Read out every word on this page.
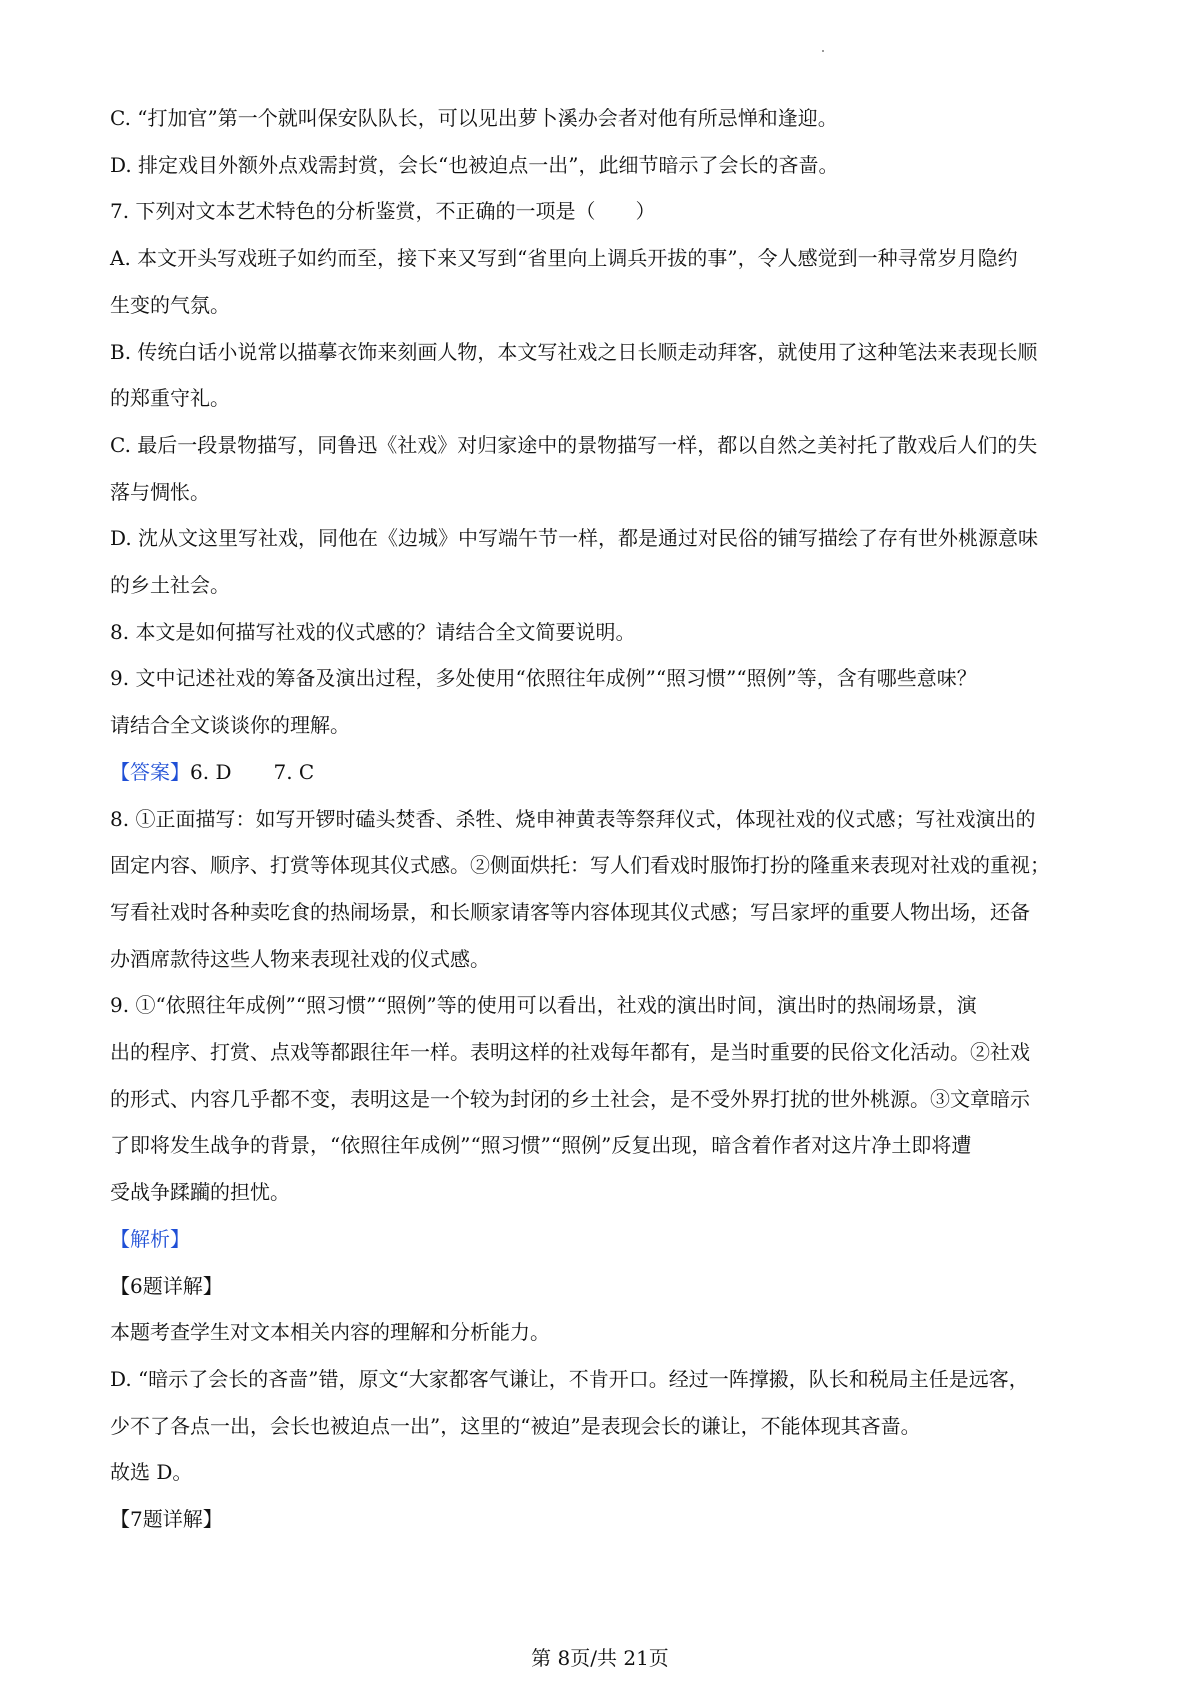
C. “打加官”第一个就叫保安队队长，可以见出萝卜溪办会者对他有所忌惮和逢迎。

D. 排定戏目外额外点戏需封赏，会长“也被迫点一出”，此细节暗示了会长的吝啬。

7. 下列对文本艺术特色的分析鉴赏，不正确的一项是（　　）

A. 本文开头写戏班子如约而至，接下来又写到“省里向上调兵开拔的事”，令人感觉到一种寻常岁月隐约

生变的气氛。

B. 传统白话小说常以描摹衣饰来刻画人物，本文写社戏之日长顺走动拜客，就使用了这种笔法来表现长顺

的郑重守礼。

C. 最后一段景物描写，同鲁迅《社戏》对归家途中的景物描写一样，都以自然之美衬托了散戏后人们的失

落与惆怅。

D. 沈从文这里写社戏，同他在《边城》中写端午节一样，都是通过对民俗的铺写描绘了存有世外桃源意味

的乡土社会。

8. 本文是如何描写社戏的仪式感的？请结合全文简要说明。

9. 文中记述社戏的筹备及演出过程，多处使用“依照往年成例”“照习惯”“照例”等，含有哪些意味？

请结合全文谈谈你的理解。

【答案】6. D 7. C

8. ①正面描写：如写开锣时磕头焚香、杀牲、烧申神黄表等祭拜仪式，体现社戏的仪式感；写社戏演出的

固定内容、顺序、打赏等体现其仪式感。②侧面烘托：写人们看戏时服饰打扮的隆重来表现对社戏的重视；

写看社戏时各种卖吃食的热闹场景，和长顺家请客等内容体现其仪式感；写吕家坪的重要人物出场，还备

办酒席款待这些人物来表现社戏的仪式感。

9. ①“依照往年成例”“照习惯”“照例”等的使用可以看出，社戏的演出时间，演出时的热闹场景，演

出的程序、打赏、点戏等都跟往年一样。表明这样的社戏每年都有，是当时重要的民俗文化活动。②社戏

的形式、内容几乎都不变，表明这是一个较为封闭的乡土社会，是不受外界打扰的世外桃源。③文章暗示

了即将发生战争的背景，“依照往年成例”“照习惯”“照例”反复出现，暗含着作者对这片净土即将遭

受战争蹂躏的担忧。

【解析】

【6题详解】

本题考查学生对文本相关内容的理解和分析能力。

D. “暗示了会长的吝啬”错，原文“大家都客气谦让，不肯开口。经过一阵撑摋，队长和税局主任是远客，

少不了各点一出，会长也被迫点一出”，这里的“被迫”是表现会长的谦让，不能体现其吝啬。

故选 D。

【7题详解】

第 8页/共 21页
